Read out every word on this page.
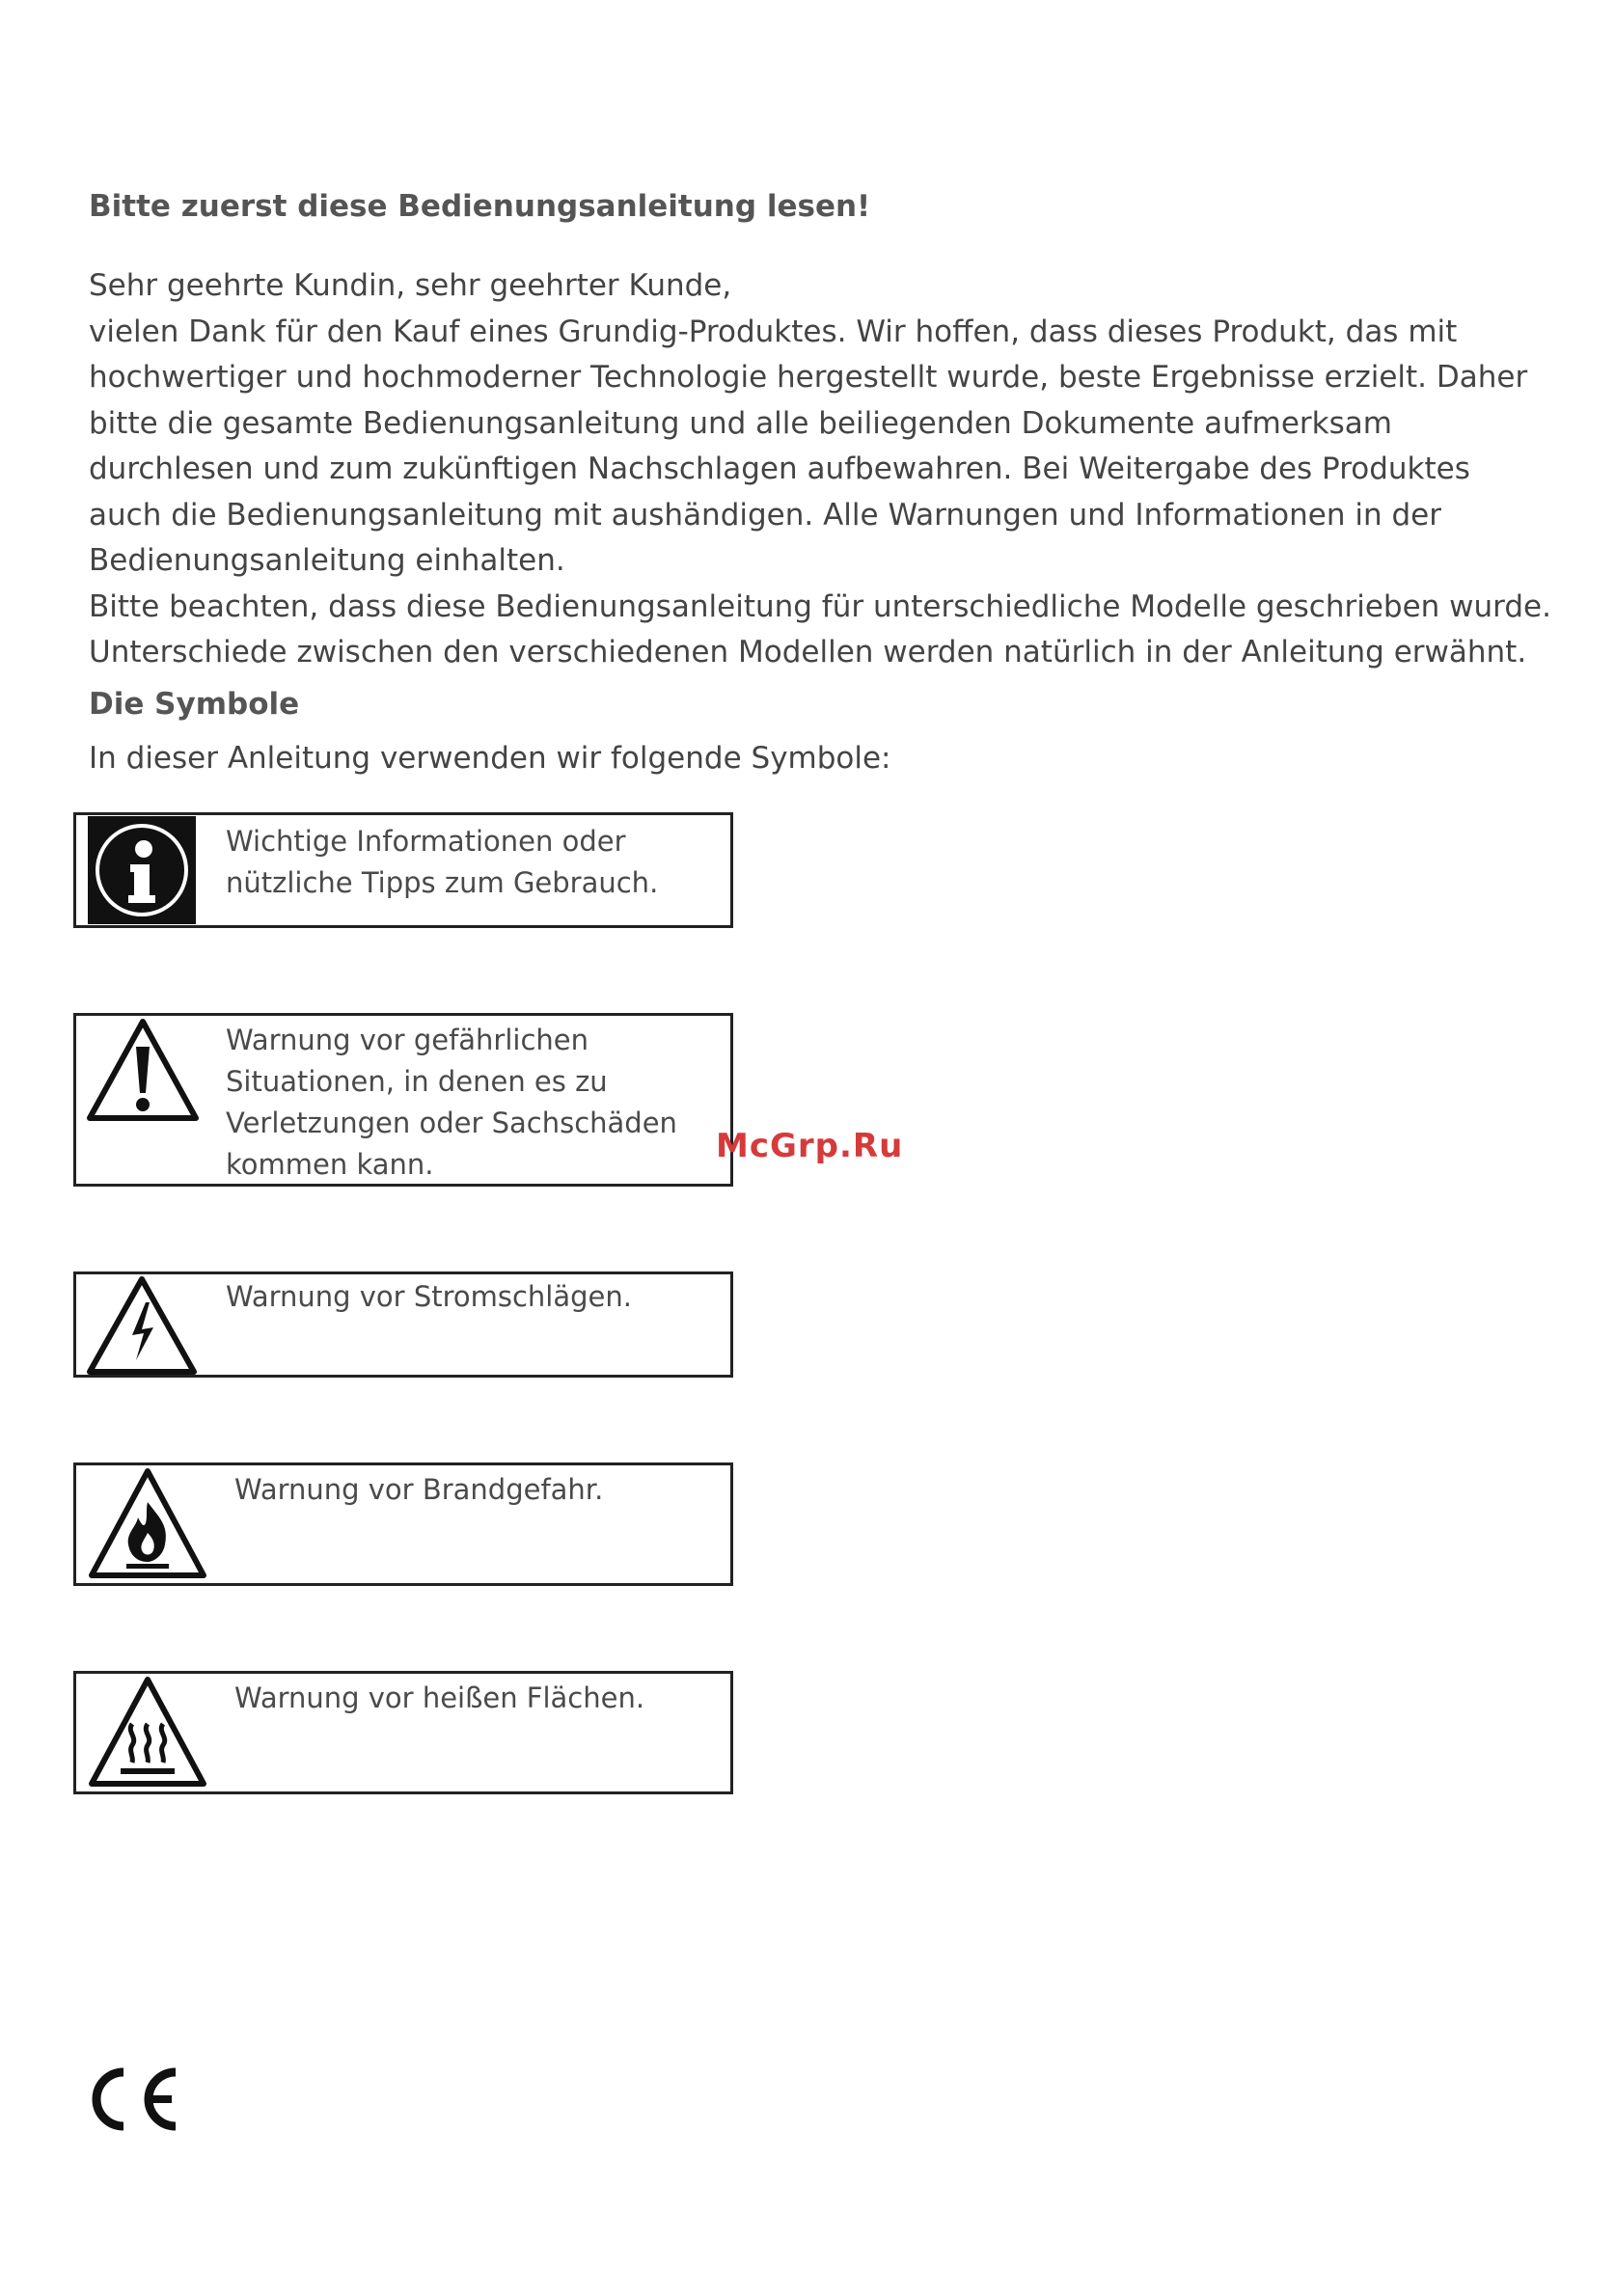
Bitte zuerst diese Bedienungsanleitung lesen!
Sehr geehrte Kundin, sehr geehrter Kunde,
vielen Dank für den Kauf eines Grundig-Produktes. Wir hoffen, dass dieses Produkt, das mit
hochwertiger und hochmoderner Technologie hergestellt wurde, beste Ergebnisse erzielt. Daher
bitte die gesamte Bedienungsanleitung und alle beiliegenden Dokumente aufmerksam
durchlesen und zum zukünftigen Nachschlagen aufbewahren. Bei Weitergabe des Produktes
auch die Bedienungsanleitung mit aushändigen. Alle Warnungen und Informationen in der
Bedienungsanleitung einhalten.
Bitte beachten, dass diese Bedienungsanleitung für unterschiedliche Modelle geschrieben wurde.
Unterschiede zwischen den verschiedenen Modellen werden natürlich in der Anleitung erwähnt.
Die Symbole
In dieser Anleitung verwenden wir folgende Symbole:
Wichtige Informationen oder
nützliche Tipps zum Gebrauch.
Warnung vor gefährlichen
Situationen, in denen es zu
Verletzungen oder Sachschäden
kommen kann.
Warnung vor Stromschlägen.
Warnung vor Brandgefahr.
Warnung vor heißen Flächen.
McGrp.Ru
